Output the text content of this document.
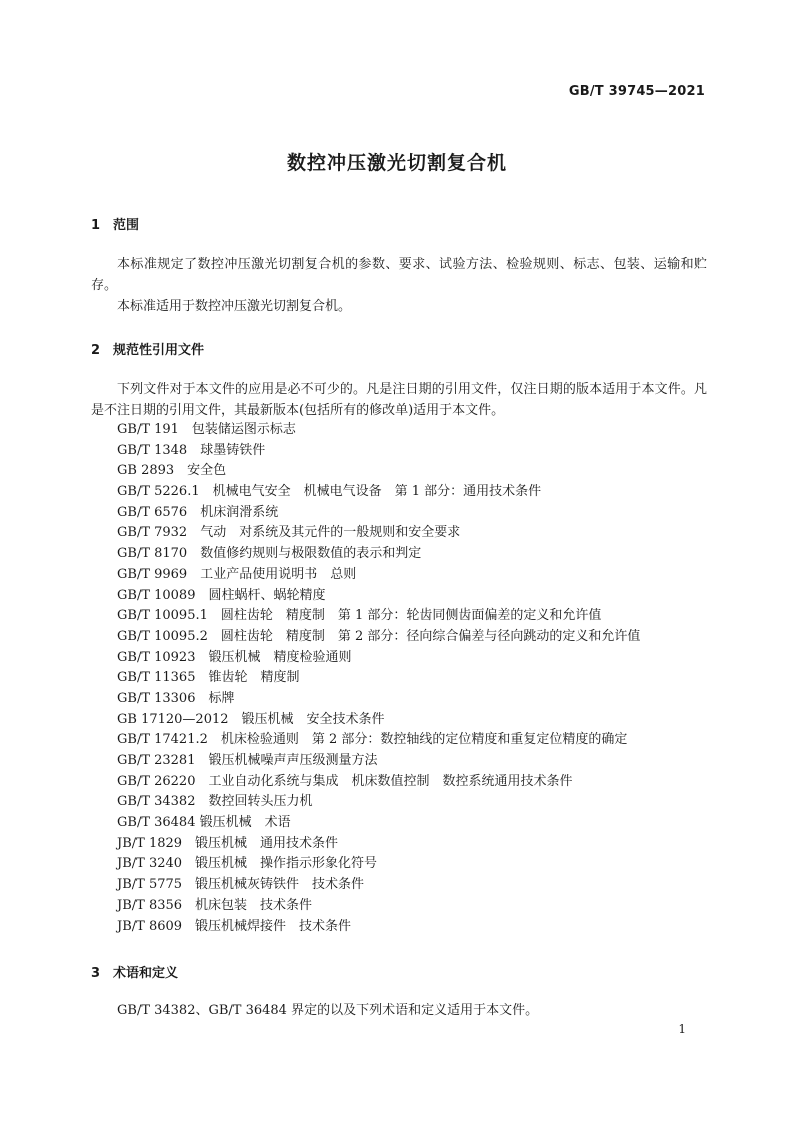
GB/T 39745—2021
数控冲压激光切割复合机
1 范围

本标准规定了数控冲压激光切割复合机的参数、要求、试验方法、检验规则、标志、包装、运输和贮存。

本标准适用于数控冲压激光切割复合机。

2 规范性引用文件

下列文件对于本文件的应用是必不可少的。凡是注日期的引用文件，仅注日期的版本适用于本文件。凡是不注日期的引用文件，其最新版本(包括所有的修改单)适用于本文件。

GB/T 191　包装储运图示标志
GB/T 1348　球墨铸铁件
GB 2893　安全色
GB/T 5226.1　机械电气安全　机械电气设备　第 1 部分：通用技术条件
GB/T 6576　机床润滑系统
GB/T 7932　气动　对系统及其元件的一般规则和安全要求
GB/T 8170　数值修约规则与极限数值的表示和判定
GB/T 9969　工业产品使用说明书　总则
GB/T 10089　圆柱蜗杆、蜗轮精度
GB/T 10095.1　圆柱齿轮　精度制　第 1 部分：轮齿同侧齿面偏差的定义和允许值
GB/T 10095.2　圆柱齿轮　精度制　第 2 部分：径向综合偏差与径向跳动的定义和允许值
GB/T 10923　锻压机械　精度检验通则
GB/T 11365　锥齿轮　精度制
GB/T 13306　标牌
GB 17120—2012　锻压机械　安全技术条件
GB/T 17421.2　机床检验通则　第 2 部分：数控轴线的定位精度和重复定位精度的确定
GB/T 23281　锻压机械噪声声压级测量方法
GB/T 26220　工业自动化系统与集成　机床数值控制　数控系统通用技术条件
GB/T 34382　数控回转头压力机
GB/T 36484 锻压机械　术语
JB/T 1829　锻压机械　通用技术条件
JB/T 3240　锻压机械　操作指示形象化符号
JB/T 5775　锻压机械灰铸铁件　技术条件
JB/T 8356　机床包装　技术条件
JB/T 8609　锻压机械焊接件　技术条件
3 术语和定义

GB/T 34382、GB/T 36484 界定的以及下列术语和定义适用于本文件。

1
